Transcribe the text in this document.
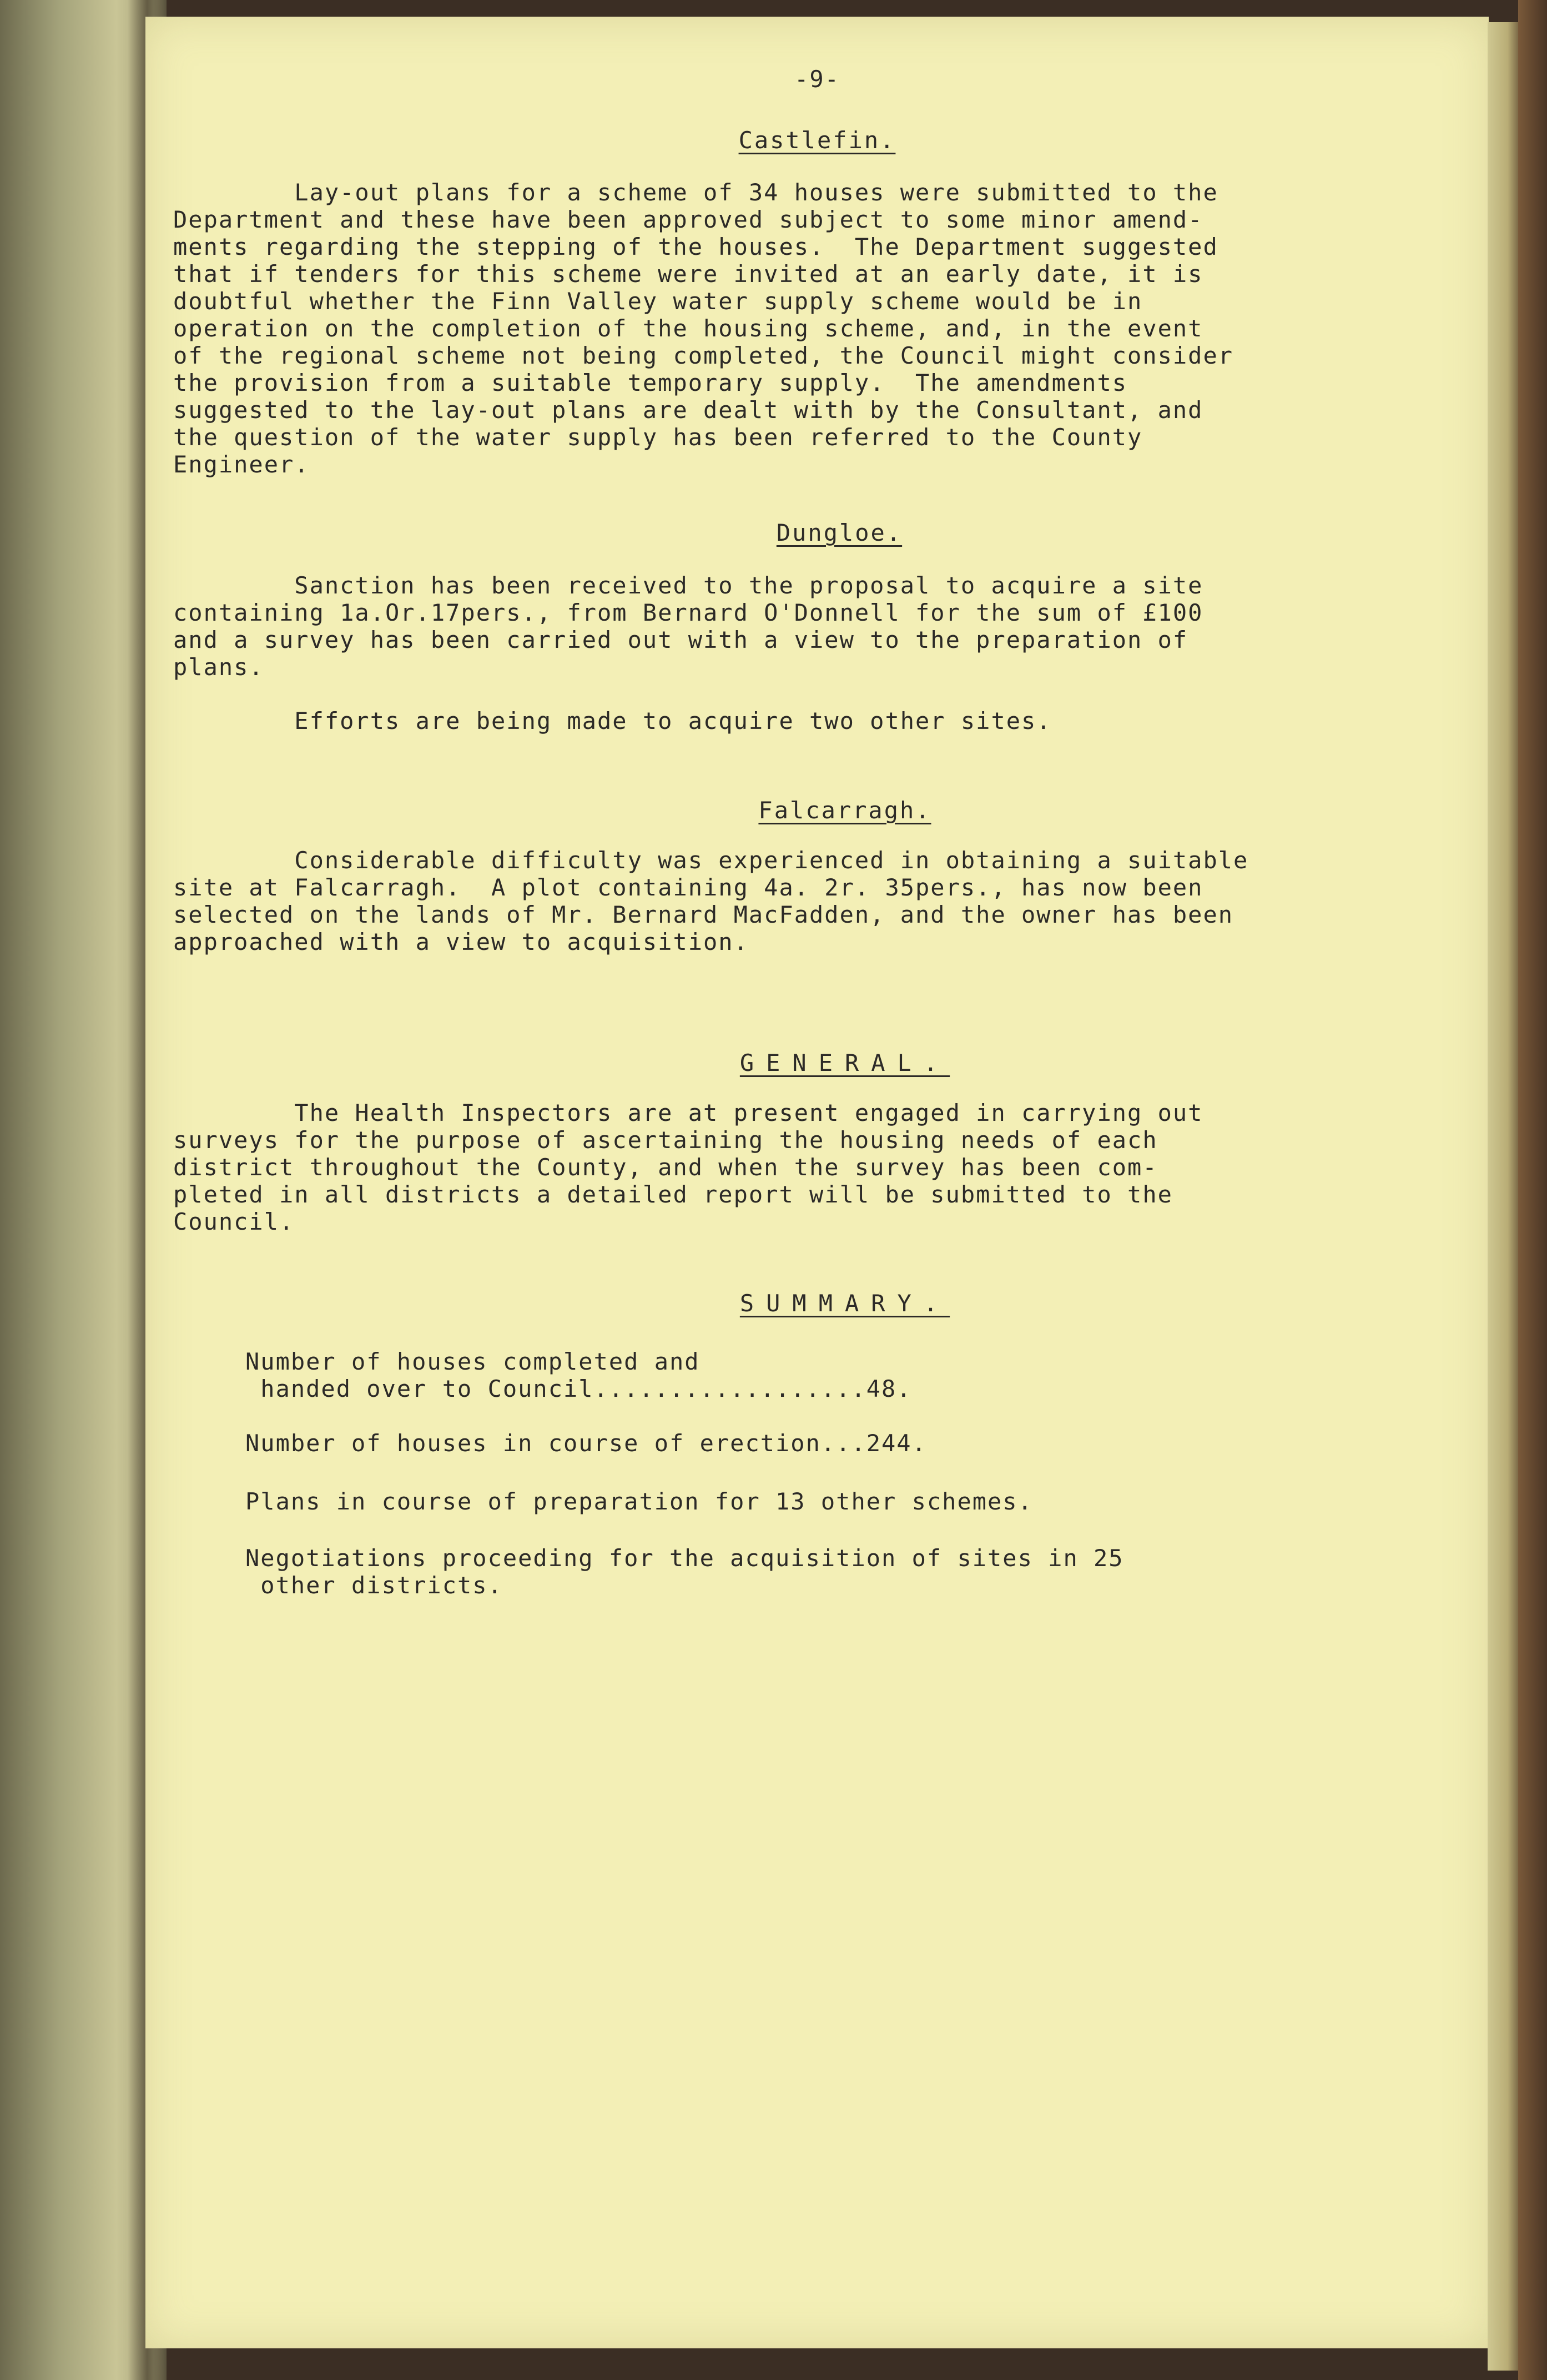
-9-
Castlefin.
Lay-out plans for a scheme of 34 houses were submitted to the
Department and these have been approved subject to some minor amend-
ments regarding the stepping of the houses.  The Department suggested
that if tenders for this scheme were invited at an early date, it is
doubtful whether the Finn Valley water supply scheme would be in
operation on the completion of the housing scheme, and, in the event
of the regional scheme not being completed, the Council might consider
the provision from a suitable temporary supply.  The amendments
suggested to the lay-out plans are dealt with by the Consultant, and
the question of the water supply has been referred to the County
Engineer.
Dungloe.
Sanction has been received to the proposal to acquire a site
containing 1a.Or.17pers., from Bernard O'Donnell for the sum of £100
and a survey has been carried out with a view to the preparation of
plans.
Efforts are being made to acquire two other sites.
Falcarragh.
Considerable difficulty was experienced in obtaining a suitable
site at Falcarragh.  A plot containing 4a. 2r. 35pers., has now been
selected on the lands of Mr. Bernard MacFadden, and the owner has been
approached with a view to acquisition.
GENERAL.
The Health Inspectors are at present engaged in carrying out
surveys for the purpose of ascertaining the housing needs of each
district throughout the County, and when the survey has been com-
pleted in all districts a detailed report will be submitted to the
Council.
SUMMARY.
Number of houses completed and
handed over to Council..................48.
Number of houses in course of erection...244.
Plans in course of preparation for 13 other schemes.
Negotiations proceeding for the acquisition of sites in 25
other districts.
